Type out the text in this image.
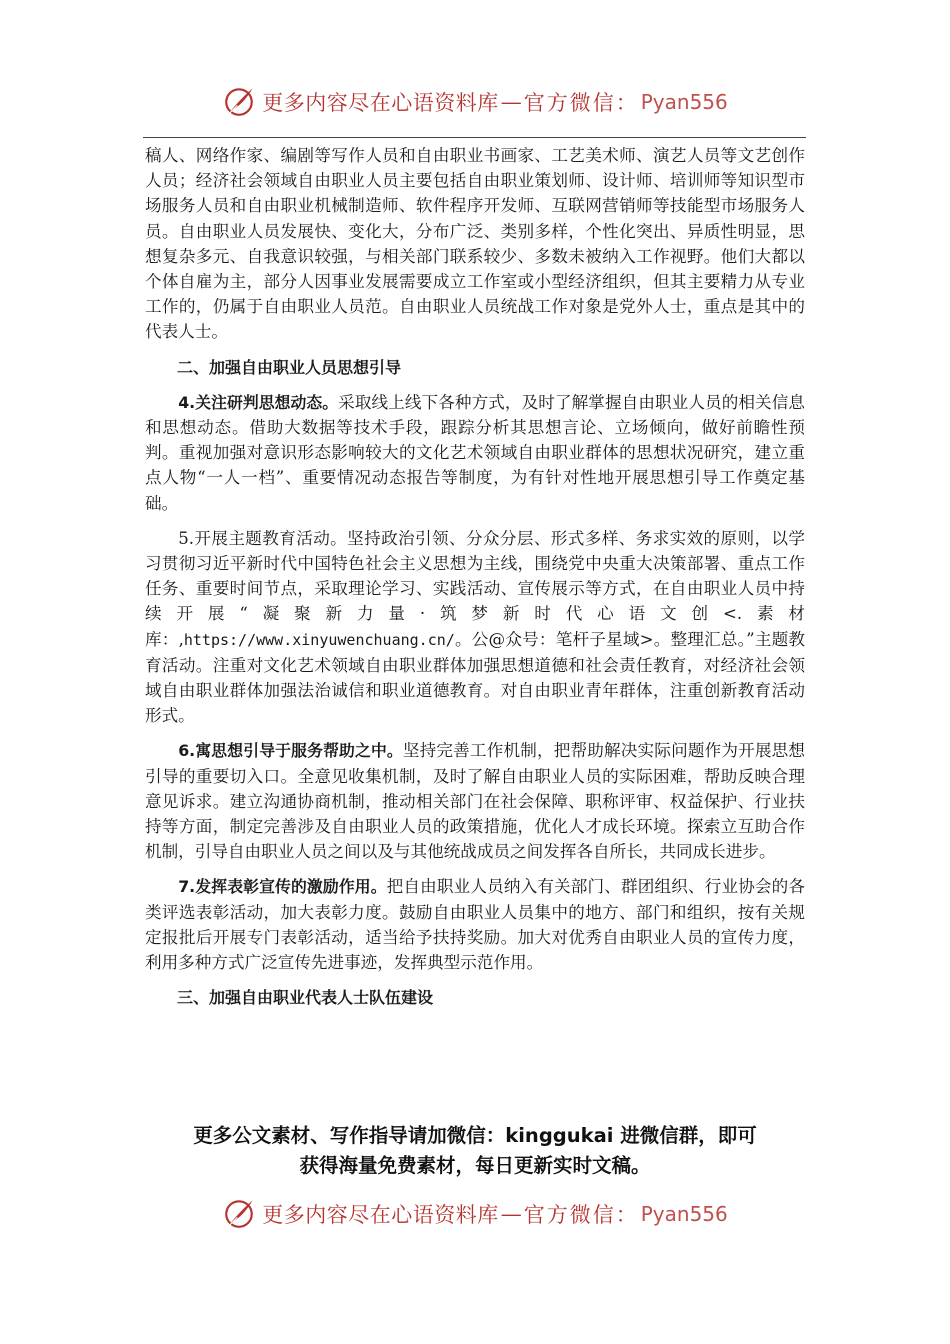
更多内容尽在心语资料库 — 官方微信： Pyan556

稿人、网络作家、编剧等写作人员和自由职业书画家、工艺美术师、演艺人员等文艺创作人员；经济社会领域自由职业人员主要包括自由职业策划师、设计师、培训师等知识型市场服务人员和自由职业机械制造师、软件程序开发师、互联网营销师等技能型市场服务人员。自由职业人员发展快、变化大，分布广泛、类别多样，个性化突出、异质性明显，思想复杂多元、自我意识较强，与相关部门联系较少、多数未被纳入工作视野。他们大都以个体自雇为主，部分人因事业发展需要成立工作室或小型经济组织，但其主要精力从专业工作的，仍属于自由职业人员范。自由职业人员统战工作对象是党外人士，重点是其中的代表人士。

二、加强自由职业人员思想引导

4.关注研判思想动态。采取线上线下各种方式，及时了解掌握自由职业人员的相关信息和思想动态。借助大数据等技术手段，跟踪分析其思想言论、立场倾向，做好前瞻性预判。重视加强对意识形态影响较大的文化艺术领域自由职业群体的思想状况研究，建立重点人物“一人一档”、重要情况动态报告等制度，为有针对性地开展思想引导工作奠定基础。

5.开展主题教育活动。坚持政治引领、分众分层、形式多样、务求实效的原则，以学习贯彻习近平新时代中国特色社会主义思想为主线，围绕党中央重大决策部署、重点工作任务、重要时间节点，采取理论学习、实践活动、宣传展示等方式，在自由职业人员中持续开展“凝聚新力量·筑梦新时代心语文创<.素材库：,https://www.xinyuwenchuang.cn/。公@众号：笔杆子星域>。整理汇总。”主题教育活动。注重对文化艺术领域自由职业群体加强思想道德和社会责任教育，对经济社会领域自由职业群体加强法治诚信和职业道德教育。对自由职业青年群体，注重创新教育活动形式。

6.寓思想引导于服务帮助之中。坚持完善工作机制，把帮助解决实际问题作为开展思想引导的重要切入口。全意见收集机制，及时了解自由职业人员的实际困难，帮助反映合理意见诉求。建立沟通协商机制，推动相关部门在社会保障、职称评审、权益保护、行业扶持等方面，制定完善涉及自由职业人员的政策措施，优化人才成长环境。探索立互助合作机制，引导自由职业人员之间以及与其他统战成员之间发挥各自所长，共同成长进步。

7.发挥表彰宣传的激励作用。把自由职业人员纳入有关部门、群团组织、行业协会的各类评选表彰活动，加大表彰力度。鼓励自由职业人员集中的地方、部门和组织，按有关规定报批后开展专门表彰活动，适当给予扶持奖励。加大对优秀自由职业人员的宣传力度，利用多种方式广泛宣传先进事迹，发挥典型示范作用。

三、加强自由职业代表人士队伍建设

更多公文素材、写作指导请加微信：kinggukai 进微信群，即可
获得海量免费素材，每日更新实时文稿。
更多内容尽在心语资料库 — 官方微信： Pyan556
